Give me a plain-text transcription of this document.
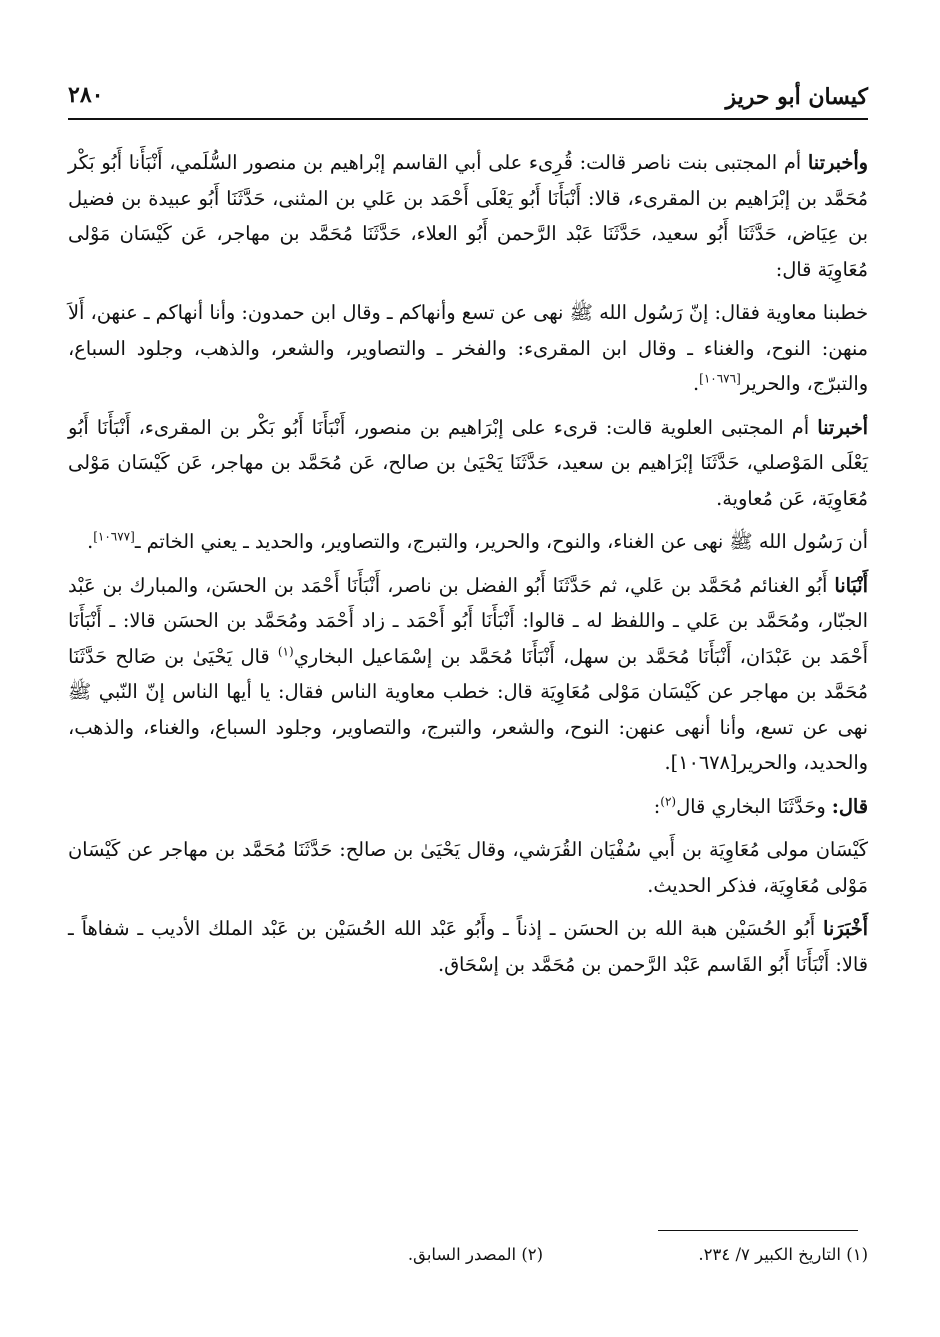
كيسان أبو حريز
٢٨٠

وأخبرتنا أم المجتبى بنت ناصر قالت: قُرِىء على أبي القاسم إبْراهيم بن منصور السُّلَمي، أَنْبَأَنا أَبُو بَكْر مُحَمَّد بن إبْرَاهيم بن المقرىء، قالا: أَنْبَأَنَا أَبُو يَعْلَى أَحْمَد بن عَلي بن المثنى، حَدَّثَنَا أَبُو عبيدة بن فضيل بن عِيَاض، حَدَّثَنَا أَبُو سعيد، حَدَّثَنَا عَبْد الرَّحمن أَبُو العلاء، حَدَّثَنَا مُحَمَّد بن مهاجر، عَن كَيْسَان مَوْلى مُعَاوِيَة قال:

خطبنا معاوية فقال: إنّ رَسُول الله ﷺ نهى عن تسع وأنهاكم ـ وقال ابن حمدون: وأنا أنهاكم ـ عنهن، أَلاَ منهن: النوح، والغناء ـ وقال ابن المقرىء: والفخر ـ والتصاوير، والشعر، والذهب، وجلود السباع، والتبرّج، والحرير[١٠٦٧٦].

أخبرتنا أم المجتبى العلوية قالت: قرىء على إبْرَاهيم بن منصور، أَنْبَأَنَا أَبُو بَكْر بن المقرىء، أَنْبَأَنَا أَبُو يَعْلَى المَوْصلي، حَدَّثَنَا إبْرَاهيم بن سعيد، حَدَّثَنَا يَحْيَىٰ بن صالح، عَن مُحَمَّد بن مهاجر، عَن كَيْسَان مَوْلى مُعَاوِيَة، عَن مُعاوية.

أن رَسُول الله ﷺ نهى عن الغناء، والنوح، والحرير، والتبرج، والتصاوير، والحديد ـ يعني الخاتم ـ[١٠٦٧٧].

أَنْبَانا أَبُو الغنائم مُحَمَّد بن عَلي، ثم حَدَّثَنَا أَبُو الفضل بن ناصر، أَنْبَأَنَا أَحْمَد بن الحسَن، والمبارك بن عَبْد الجبّار، ومُحَمَّد بن عَلي ـ واللفظ له ـ قالوا: أَنْبَأَنَا أَبُو أَحْمَد ـ زاد أَحْمَد ومُحَمَّد بن الحسَن قالا: ـ أَنْبَأَنَا أَحْمَد بن عَبْدَان، أَنْبَأَنَا مُحَمَّد بن سهل، أَنْبَأَنَا مُحَمَّد بن إسْمَاعيل البخاري$^{(١)}$ قال يَحْيَىٰ بن صَالح حَدَّثَنَا مُحَمَّد بن مهاجر عن كَيْسَان مَوْلى مُعَاوِيَة قال: خطب معاوية الناس فقال: يا أيها الناس إنّ النّبي ﷺ نهى عن تسع، وأنا أنهى عنهن: النوح، والشعر، والتبرج، والتصاوير، وجلود السباع، والغناء، والذهب، والحديد، والحرير[١٠٦٧٨].

قال: وحَدَّثَنَا البخاري قال$^{(٢)}$:

كَيْسَان مولى مُعَاوِيَة بن أَبي سُفْيَان القُرَشي، وقال يَحْيَىٰ بن صالح: حَدَّثَنَا مُحَمَّد بن مهاجر عن كَيْسَان مَوْلى مُعَاوِيَة، فذكر الحديث.

أَخْبَرَنا أَبُو الحُسَيْن هبة الله بن الحسَن ـ إذناً ـ وأَبُو عَبْد الله الحُسَيْن بن عَبْد الملك الأديب ـ شفاهاً ـ قالا: أَنْبَأَنَا أَبُو القَاسم عَبْد الرَّحمن بن مُحَمَّد بن إسْحَاق.

(١) التاريخ الكبير ٧/ ٢٣٤. (٢) المصدر السابق.
